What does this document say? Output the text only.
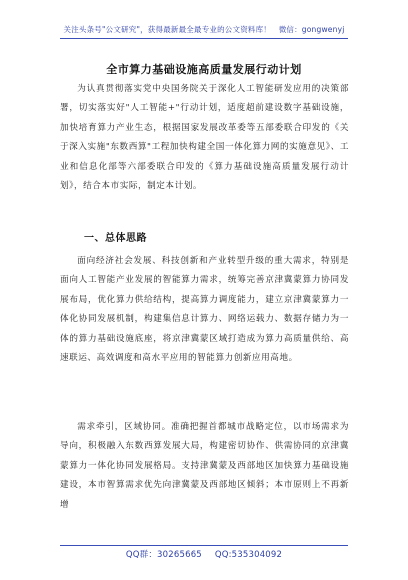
关注头条号"公文研究"，获得最新最全最专业的公文资料库！　微信：gongwenyj
全市算力基础设施高质量发展行动计划

为认真贯彻落实党中央国务院关于深化人工智能研发应用的决策部署，切实落实好"人工智能+"行动计划，适度超前建设数字基础设施，加快培育算力产业生态，根据国家发展改革委等五部委联合印发的《关于深入实施"东数西算"工程加快构建全国一体化算力网的实施意见》、工业和信息化部等六部委联合印发的《算力基础设施高质量发展行动计划》，结合本市实际，制定本计划。

一、总体思路

面向经济社会发展、科技创新和产业转型升级的重大需求，特别是面向人工智能产业发展的智能算力需求，统筹完善京津冀蒙算力协同发展布局，优化算力供给结构，提高算力调度能力，建立京津冀蒙算力一体化协同发展机制，构建集信息计算力、网络运载力、数据存储力为一体的算力基础设施底座，将京津冀蒙区域打造成为算力高质量供给、高速联运、高效调度和高水平应用的智能算力创新应用高地。

需求牵引，区域协同。准确把握首都城市战略定位，以市场需求为导向，积极融入东数西算发展大局，构建密切协作、供需协同的京津冀蒙算力一体化协同发展格局。支持津冀蒙及西部地区加快算力基础设施建设，本市智算需求优先向津冀蒙及西部地区倾斜；本市原则上不再新增

QQ群：30265665 QQ:535304092
